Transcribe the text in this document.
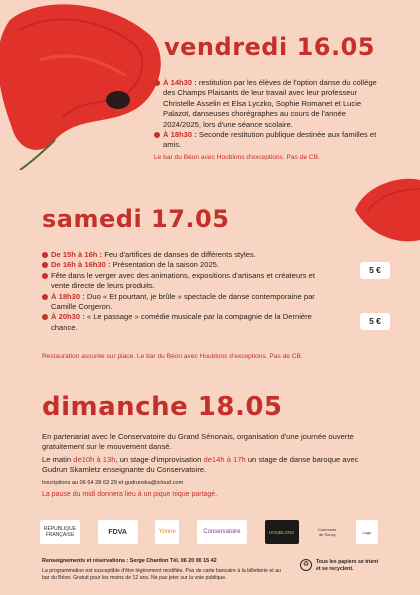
vendredi 16.05
À 14h30 : restitution par les élèves de l'option danse du collège des Champs Plaisants de leur travail avec leur professeur Christelle Asselin et Elsa Lyczko, Sophie Romanet et Lucie Palazot, danseuses chorégraphes au cours de l'année 2024/2025, lors d'une séance scolaire.
À 18h30 : Seconde restitution publique destinée aux familles et amis.
Le bar du Béon avec Houblons d'exceptions. Pas de CB.
samedi 17.05
De 15h à 16h : Feu d'artifices de danses de différents styles.
De 16h à 16h30 : Présentation de la saison 2025.
Fête dans le verger avec des animations, expositions d'artisans et créateurs et vente directe de leurs produits.
À 18h30 : Duo « Et pourtant, je brûle » spectacle de danse contemporaine par Camille Corgeron.
À 20h30 : « Le passage » comédie musicale par la compagnie de la Dernière chance.
5 €
5 €
Restauration assurée sur place. Le bar du Béon avec Houblons d'exceptions. Pas de CB.
dimanche 18.05
En partenariat avec le Conservatoire du Grand Sénonais, organisation d'une journée ouverte gratuitement sur le mouvement dansé.
Le matin de10h à 13h, un stage d'improvisation de14h à 17h un stage de danse baroque avec Gudrun Skamletz enseignante du Conservatoire.
Inscriptions au 06 64 28 63 29 et gudrunska@icloud.com
La pause du midi donnera lieu à un pique nique partagé.
RÉPUBLIQUE FRANÇAISE	FDVA	Yonne	Conservatoire	HOUBLONS	Commune de Soucy	Logo
Renseignements et réservations : Serge Chardon Tél. 06 20 00 15 42
La programmation est susceptible d'être légèrement modifiée. Pas de carte bancaire à la billetterie et au bar du Béon. Gratuit pour les moins de 12 ans. Ne pas jeter sur la voie publique.
♻	Tous les papiers se trient et se recyclent.
